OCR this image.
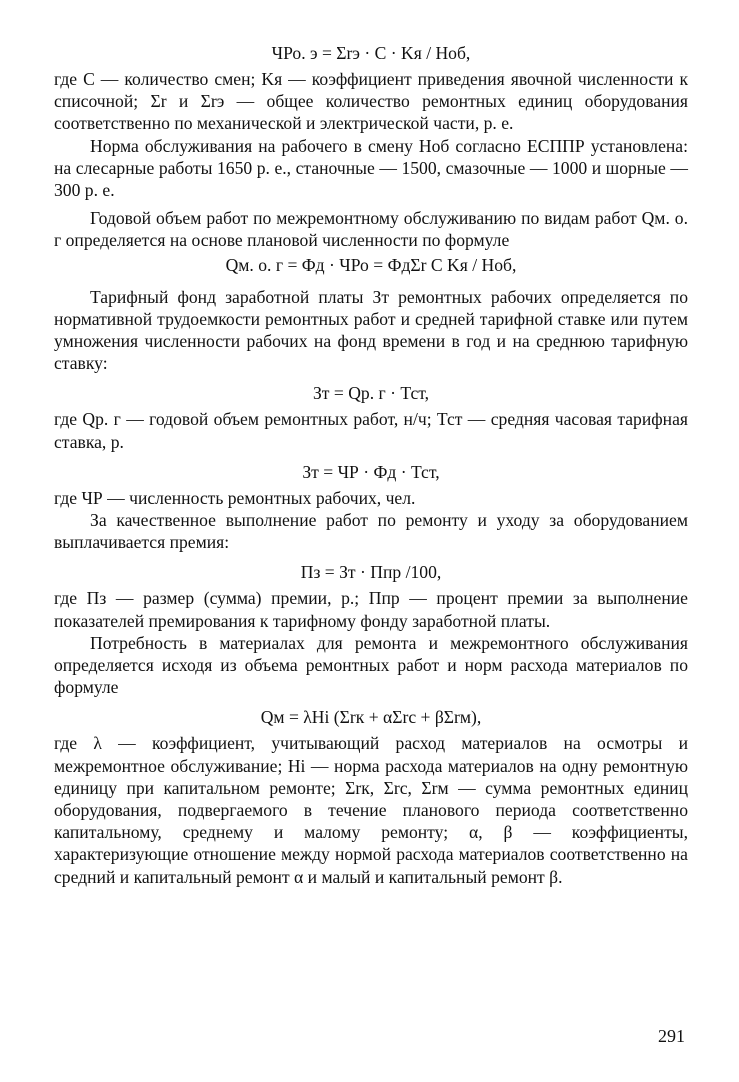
ЧРо. э = Σrэ · C · Kя / Hоб,

где С — количество смен; Kя — коэффициент приведения явочной численности к списочной; Σr и Σrэ — общее количество ремонтных единиц оборудования соответственно по механической и электрической части, р. е.

Норма обслуживания на рабочего в смену Hоб согласно ЕСППР установлена: на слесарные работы 1650 р. е., станочные — 1500, смазочные — 1000 и шорные — 300 р. е.

Годовой объем работ по межремонтному обслуживанию по видам работ Qм. о. г определяется на основе плановой численности по формуле

Qм. о. г = Фд · ЧРо = ФдΣr C Kя / Hоб,

Тарифный фонд заработной платы Зт ремонтных рабочих определяется по нормативной трудоемкости ремонтных работ и средней тарифной ставке или путем умножения численности рабочих на фонд времени в год и на среднюю тарифную ставку:

Зт = Qр. г · Тст,

где Qр. г — годовой объем ремонтных работ, н/ч; Тст — средняя часовая тарифная ставка, р.

Зт = ЧР · Фд · Тст,

где ЧР — численность ремонтных рабочих, чел.

За качественное выполнение работ по ремонту и уходу за оборудованием выплачивается премия:

Пз = Зт · Ппр /100,

где Пз — размер (сумма) премии, р.; Ппр — процент премии за выполнение показателей премирования к тарифному фонду заработной платы.

Потребность в материалах для ремонта и межремонтного обслуживания определяется исходя из объема ремонтных работ и норм расхода материалов по формуле

Qм = λНi (Σrк + αΣrс + βΣrм),

где λ — коэффициент, учитывающий расход материалов на осмотры и межремонтное обслуживание; Нi — норма расхода материалов на одну ремонтную единицу при капитальном ремонте; Σrк, Σrс, Σrм — сумма ремонтных единиц оборудования, подвергаемого в течение планового периода соответственно капитальному, среднему и малому ремонту; α, β — коэффициенты, характеризующие отношение между нормой расхода материалов соответственно на средний и капитальный ремонт α и малый и капитальный ремонт β.

291
